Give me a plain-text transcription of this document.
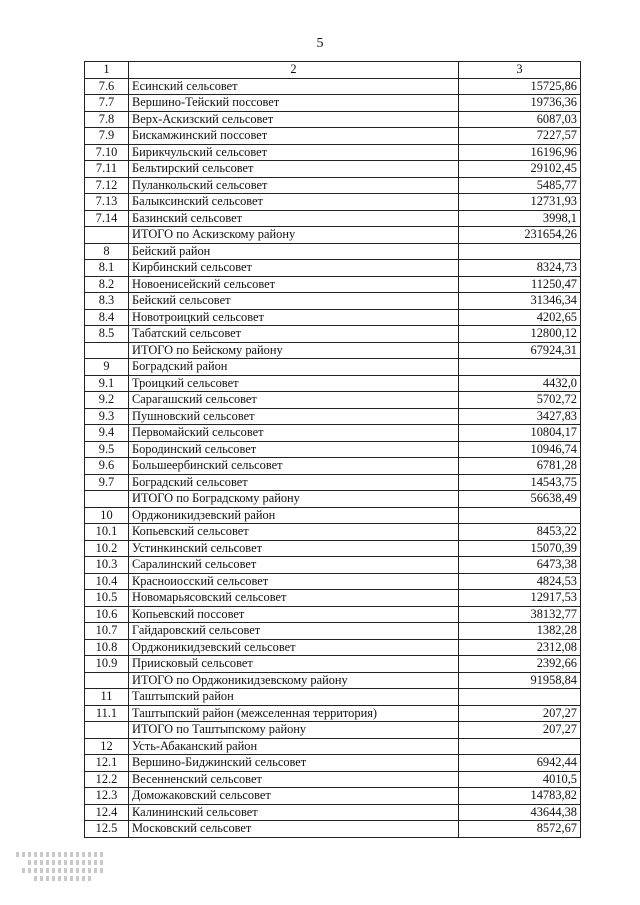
5
1	2	3
7.6	Есинский сельсовет	15725,86
7.7	Вершино-Тейский поссовет	19736,36
7.8	Верх-Аскизский сельсовет	6087,03
7.9	Бискамжинский поссовет	7227,57
7.10	Бирикчульский сельсовет	16196,96
7.11	Бельтирский сельсовет	29102,45
7.12	Пуланкольский сельсовет	5485,77
7.13	Балыксинский сельсовет	12731,93
7.14	Базинский сельсовет	3998,1
	ИТОГО по Аскизскому району	231654,26
8	Бейский район	
8.1	Кирбинский сельсовет	8324,73
8.2	Новоенисейский сельсовет	11250,47
8.3	Бейский сельсовет	31346,34
8.4	Новотроицкий сельсовет	4202,65
8.5	Табатский сельсовет	12800,12
	ИТОГО по Бейскому району	67924,31
9	Боградский район	
9.1	Троицкий сельсовет	4432,0
9.2	Сарагашский сельсовет	5702,72
9.3	Пушновский сельсовет	3427,83
9.4	Первомайский сельсовет	10804,17
9.5	Бородинский сельсовет	10946,74
9.6	Большеербинский сельсовет	6781,28
9.7	Боградский сельсовет	14543,75
	ИТОГО по Боградскому району	56638,49
10	Орджоникидзевский район	
10.1	Копьевский сельсовет	8453,22
10.2	Устинкинский сельсовет	15070,39
10.3	Саралинский сельсовет	6473,38
10.4	Красноиосский сельсовет	4824,53
10.5	Новомарьясовский сельсовет	12917,53
10.6	Копьевский поссовет	38132,77
10.7	Гайдаровский сельсовет	1382,28
10.8	Орджоникидзевский сельсовет	2312,08
10.9	Приисковый сельсовет	2392,66
	ИТОГО по Орджоникидзевскому району	91958,84
11	Таштыпский район	
11.1	Таштыпский район (межселенная территория)	207,27
	ИТОГО по Таштыпскому району	207,27
12	Усть-Абаканский район	
12.1	Вершино-Биджинский сельсовет	6942,44
12.2	Весенненский сельсовет	4010,5
12.3	Доможаковский сельсовет	14783,82
12.4	Калининский сельсовет	43644,38
12.5	Московский сельсовет	8572,67
